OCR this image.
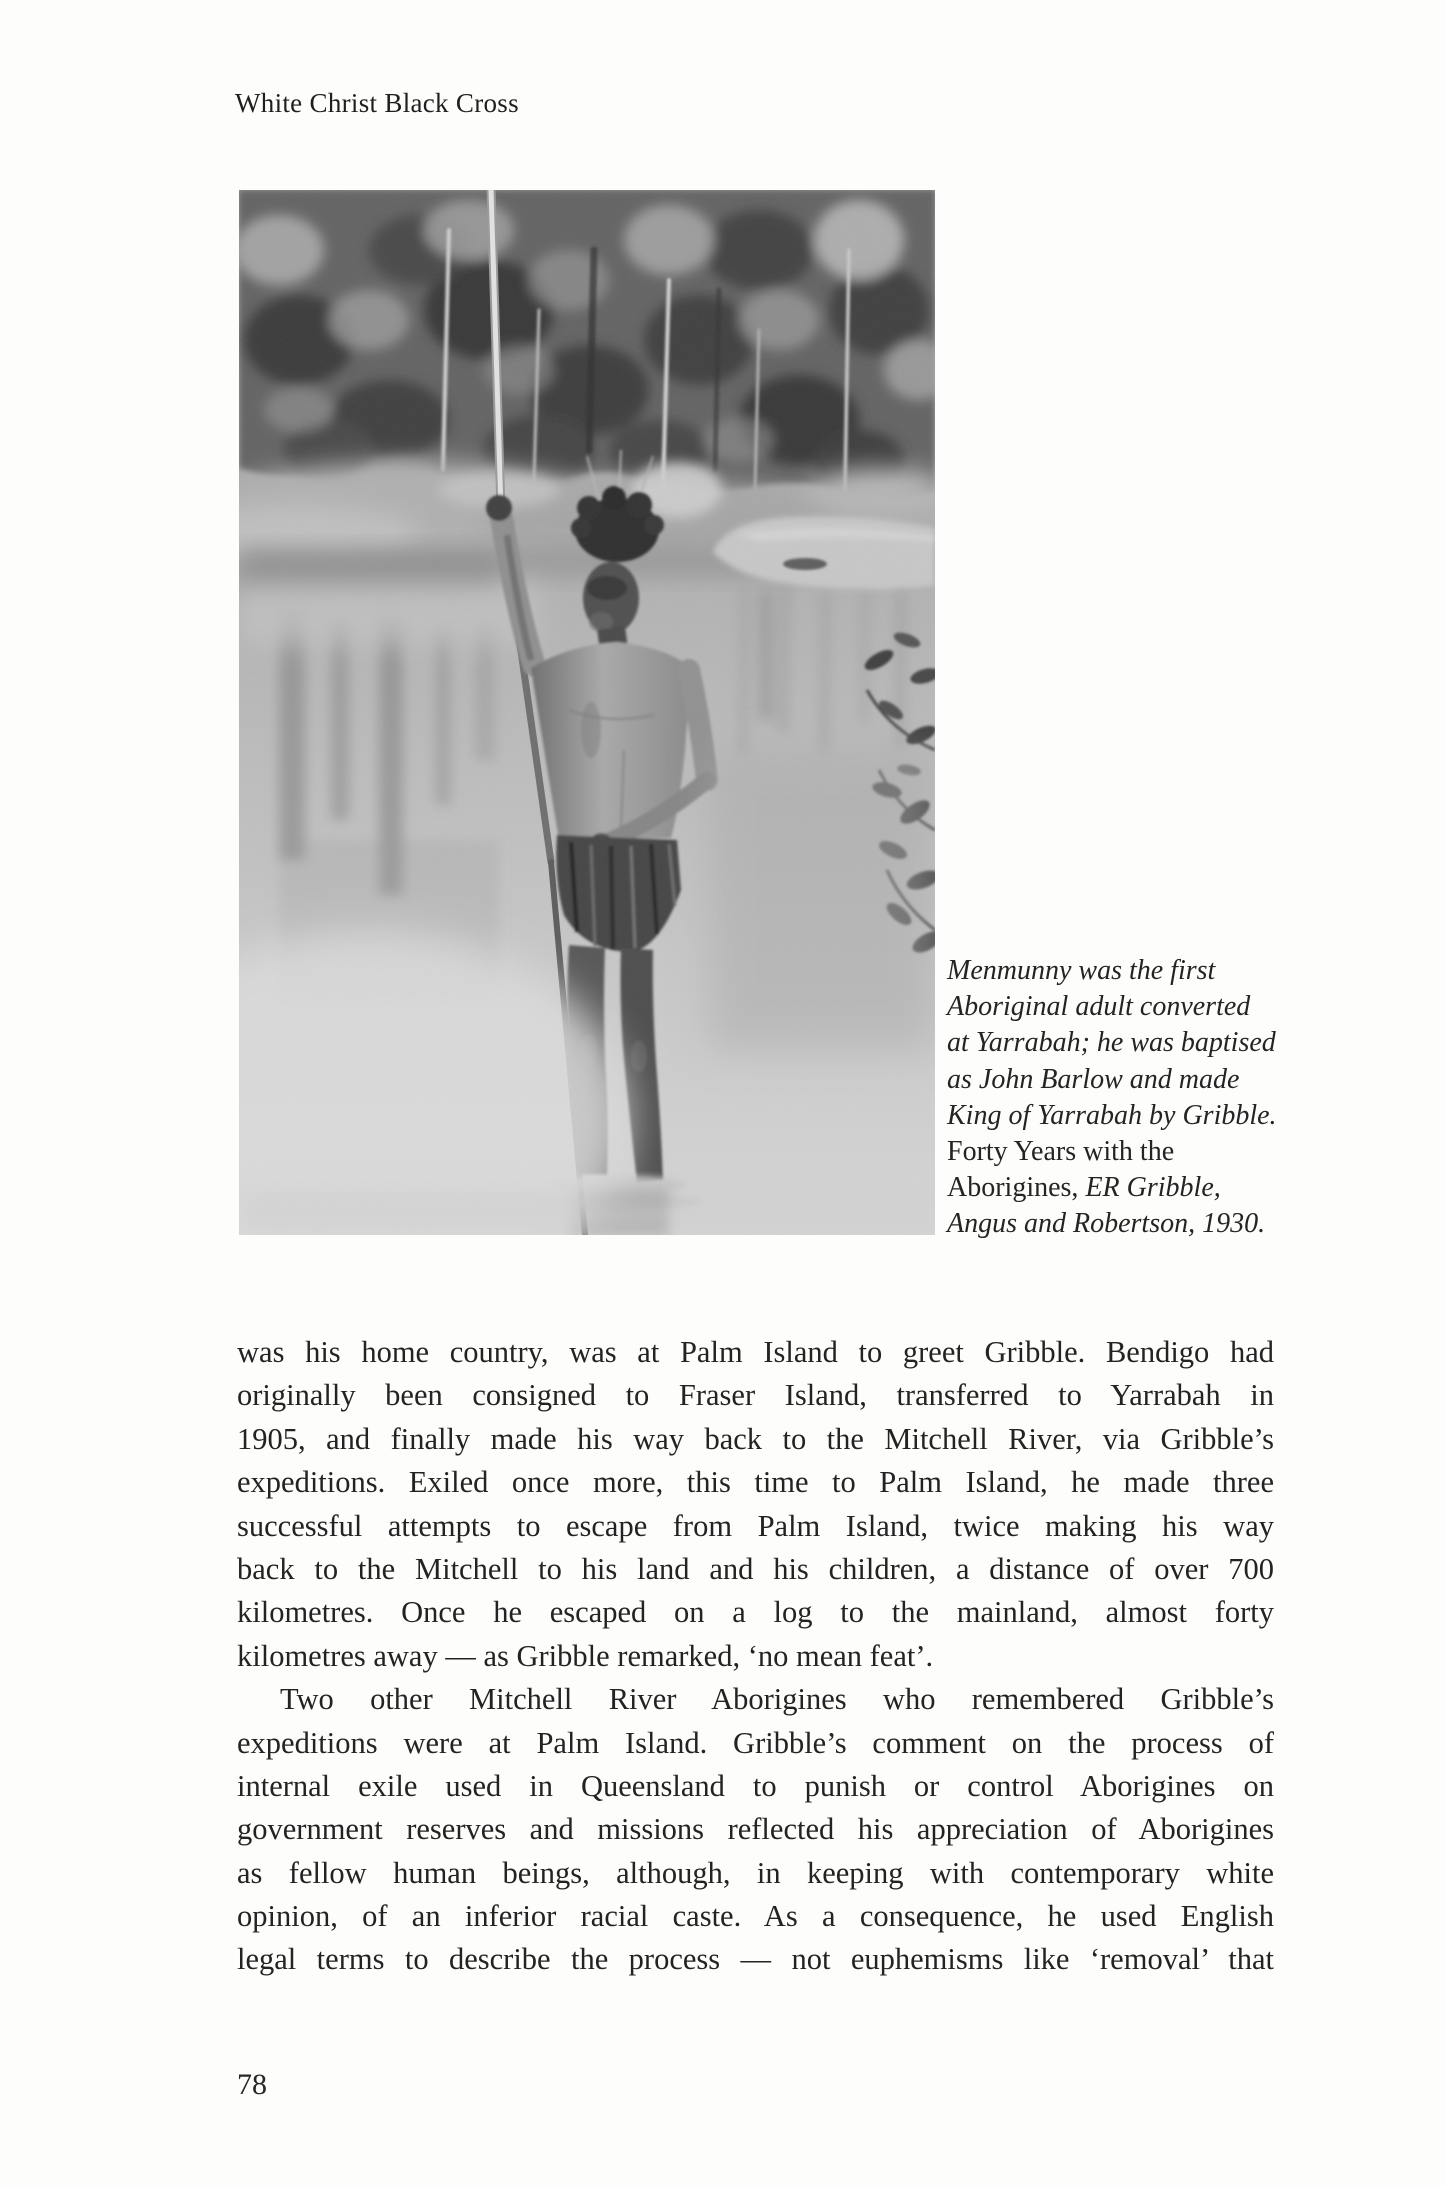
White Christ Black Cross
Menmunny was the first
Aboriginal adult converted
at Yarrabah; he was baptised
as John Barlow and made
King of Yarrabah by Gribble.
Forty Years with the
Aborigines, ER Gribble,
Angus and Robertson, 1930.
was his home country, was at Palm Island to greet Gribble. Bendigo had
originally been consigned to Fraser Island, transferred to Yarrabah in
1905, and finally made his way back to the Mitchell River, via Gribble’s
expeditions. Exiled once more, this time to Palm Island, he made three
successful attempts to escape from Palm Island, twice making his way
back to the Mitchell to his land and his children, a distance of over 700
kilometres. Once he escaped on a log to the mainland, almost forty
kilometres away — as Gribble remarked, ‘no mean feat’.
Two other Mitchell River Aborigines who remembered Gribble’s
expeditions were at Palm Island. Gribble’s comment on the process of
internal exile used in Queensland to punish or control Aborigines on
government reserves and missions reflected his appreciation of Aborigines
as fellow human beings, although, in keeping with contemporary white
opinion, of an inferior racial caste. As a consequence, he used English
legal terms to describe the process — not euphemisms like ‘removal’ that
78
